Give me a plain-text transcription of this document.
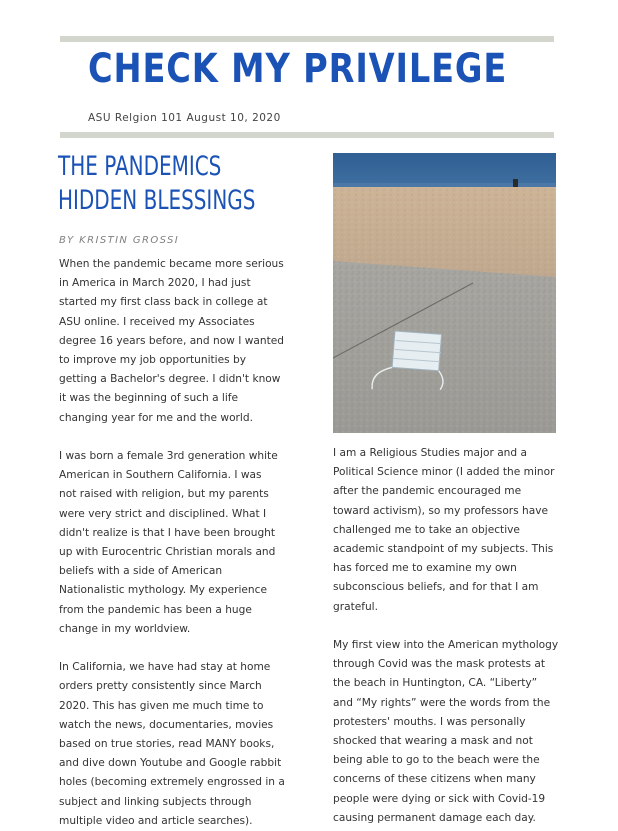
CHECK MY PRIVILEGE
ASU Relgion 101 August 10, 2020
THE PANDEMICS
HIDDEN BLESSINGS
BY KRISTIN GROSSI

When the pandemic became more serious
in America in March 2020, I had just
started my first class back in college at
ASU online. I received my Associates
degree 16 years before, and now I wanted
to improve my job opportunities by
getting a Bachelor's degree. I didn't know
it was the beginning of such a life
changing year for me and the world.

I was born a female 3rd generation white
American in Southern California. I was
not raised with religion, but my parents
were very strict and disciplined. What I
didn't realize is that I have been brought
up with Eurocentric Christian morals and
beliefs with a side of American
Nationalistic mythology. My experience
from the pandemic has been a huge
change in my worldview.

In California, we have had stay at home
orders pretty consistently since March
2020. This has given me much time to
watch the news, documentaries, movies
based on true stories, read MANY books,
and dive down Youtube and Google rabbit
holes (becoming extremely engrossed in a
subject and linking subjects through
multiple video and article searches).

I am a Religious Studies major and a
Political Science minor (I added the minor
after the pandemic encouraged me
toward activism), so my professors have
challenged me to take an objective
academic standpoint of my subjects. This
has forced me to examine my own
subconscious beliefs, and for that I am
grateful.

My first view into the American mythology
through Covid was the mask protests at
the beach in Huntington, CA. “Liberty”
and “My rights” were the words from the
protesters' mouths. I was personally
shocked that wearing a mask and not
being able to go to the beach were the
concerns of these citizens when many
people were dying or sick with Covid-19
causing permanent damage each day.
